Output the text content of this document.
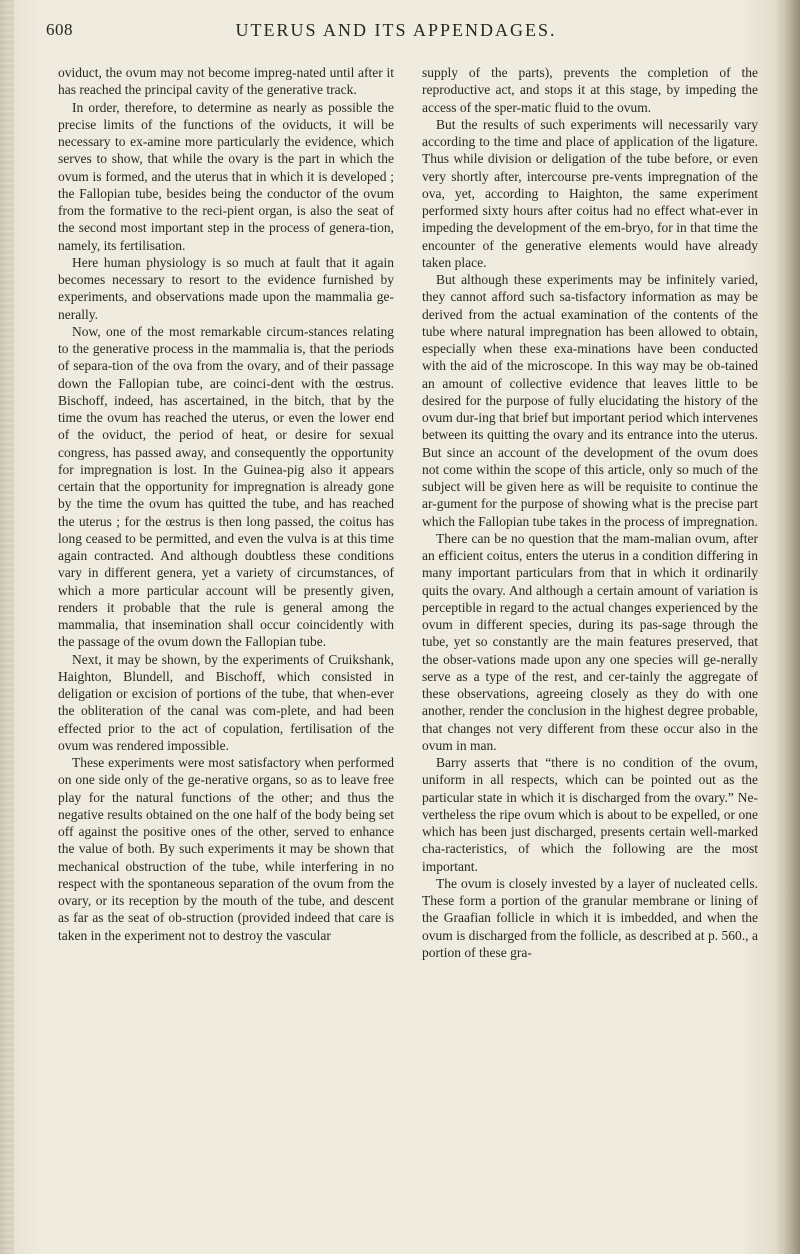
608	UTERUS AND ITS APPENDAGES.

oviduct, the ovum may not become impreg-nated until after it has reached the principal cavity of the generative track.

In order, therefore, to determine as nearly as possible the precise limits of the functions of the oviducts, it will be necessary to ex-amine more particularly the evidence, which serves to show, that while the ovary is the part in which the ovum is formed, and the uterus that in which it is developed ; the Fallopian tube, besides being the conductor of the ovum from the formative to the reci-pient organ, is also the seat of the second most important step in the process of genera-tion, namely, its fertilisation.

Here human physiology is so much at fault that it again becomes necessary to resort to the evidence furnished by experiments, and observations made upon the mammalia ge-nerally.

Now, one of the most remarkable circum-stances relating to the generative process in the mammalia is, that the periods of separa-tion of the ova from the ovary, and of their passage down the Fallopian tube, are coinci-dent with the œstrus. Bischoff, indeed, has ascertained, in the bitch, that by the time the ovum has reached the uterus, or even the lower end of the oviduct, the period of heat, or desire for sexual congress, has passed away, and consequently the opportunity for impregnation is lost. In the Guinea-pig also it appears certain that the opportunity for impregnation is already gone by the time the ovum has quitted the tube, and has reached the uterus ; for the œstrus is then long passed, the coitus has long ceased to be permitted, and even the vulva is at this time again contracted. And although doubtless these conditions vary in different genera, yet a variety of circumstances, of which a more particular account will be presently given, renders it probable that the rule is general among the mammalia, that insemination shall occur coincidently with the passage of the ovum down the Fallopian tube.

Next, it may be shown, by the experiments of Cruikshank, Haighton, Blundell, and Bischoff, which consisted in deligation or excision of portions of the tube, that when-ever the obliteration of the canal was com-plete, and had been effected prior to the act of copulation, fertilisation of the ovum was rendered impossible.

These experiments were most satisfactory when performed on one side only of the ge-nerative organs, so as to leave free play for the natural functions of the other; and thus the negative results obtained on the one half of the body being set off against the positive ones of the other, served to enhance the value of both. By such experiments it may be shown that mechanical obstruction of the tube, while interfering in no respect with the spontaneous separation of the ovum from the ovary, or its reception by the mouth of the tube, and descent as far as the seat of ob-struction (provided indeed that care is taken in the experiment not to destroy the vascular

supply of the parts), prevents the completion of the reproductive act, and stops it at this stage, by impeding the access of the sper-matic fluid to the ovum.

But the results of such experiments will necessarily vary according to the time and place of application of the ligature. Thus while division or deligation of the tube before, or even very shortly after, intercourse pre-vents impregnation of the ova, yet, according to Haighton, the same experiment performed sixty hours after coitus had no effect what-ever in impeding the development of the em-bryo, for in that time the encounter of the generative elements would have already taken place.

But although these experiments may be infinitely varied, they cannot afford such sa-tisfactory information as may be derived from the actual examination of the contents of the tube where natural impregnation has been allowed to obtain, especially when these exa-minations have been conducted with the aid of the microscope. In this way may be ob-tained an amount of collective evidence that leaves little to be desired for the purpose of fully elucidating the history of the ovum dur-ing that brief but important period which intervenes between its quitting the ovary and its entrance into the uterus. But since an account of the development of the ovum does not come within the scope of this article, only so much of the subject will be given here as will be requisite to continue the ar-gument for the purpose of showing what is the precise part which the Fallopian tube takes in the process of impregnation.

There can be no question that the mam-malian ovum, after an efficient coitus, enters the uterus in a condition differing in many important particulars from that in which it ordinarily quits the ovary. And although a certain amount of variation is perceptible in regard to the actual changes experienced by the ovum in different species, during its pas-sage through the tube, yet so constantly are the main features preserved, that the obser-vations made upon any one species will ge-nerally serve as a type of the rest, and cer-tainly the aggregate of these observations, agreeing closely as they do with one another, render the conclusion in the highest degree probable, that changes not very different from these occur also in the ovum in man.

Barry asserts that “there is no condition of the ovum, uniform in all respects, which can be pointed out as the particular state in which it is discharged from the ovary.” Ne-vertheless the ripe ovum which is about to be expelled, or one which has been just discharged, presents certain well-marked cha-racteristics, of which the following are the most important.

The ovum is closely invested by a layer of nucleated cells. These form a portion of the granular membrane or lining of the Graafian follicle in which it is imbedded, and when the ovum is discharged from the follicle, as described at p. 560., a portion of these gra-
